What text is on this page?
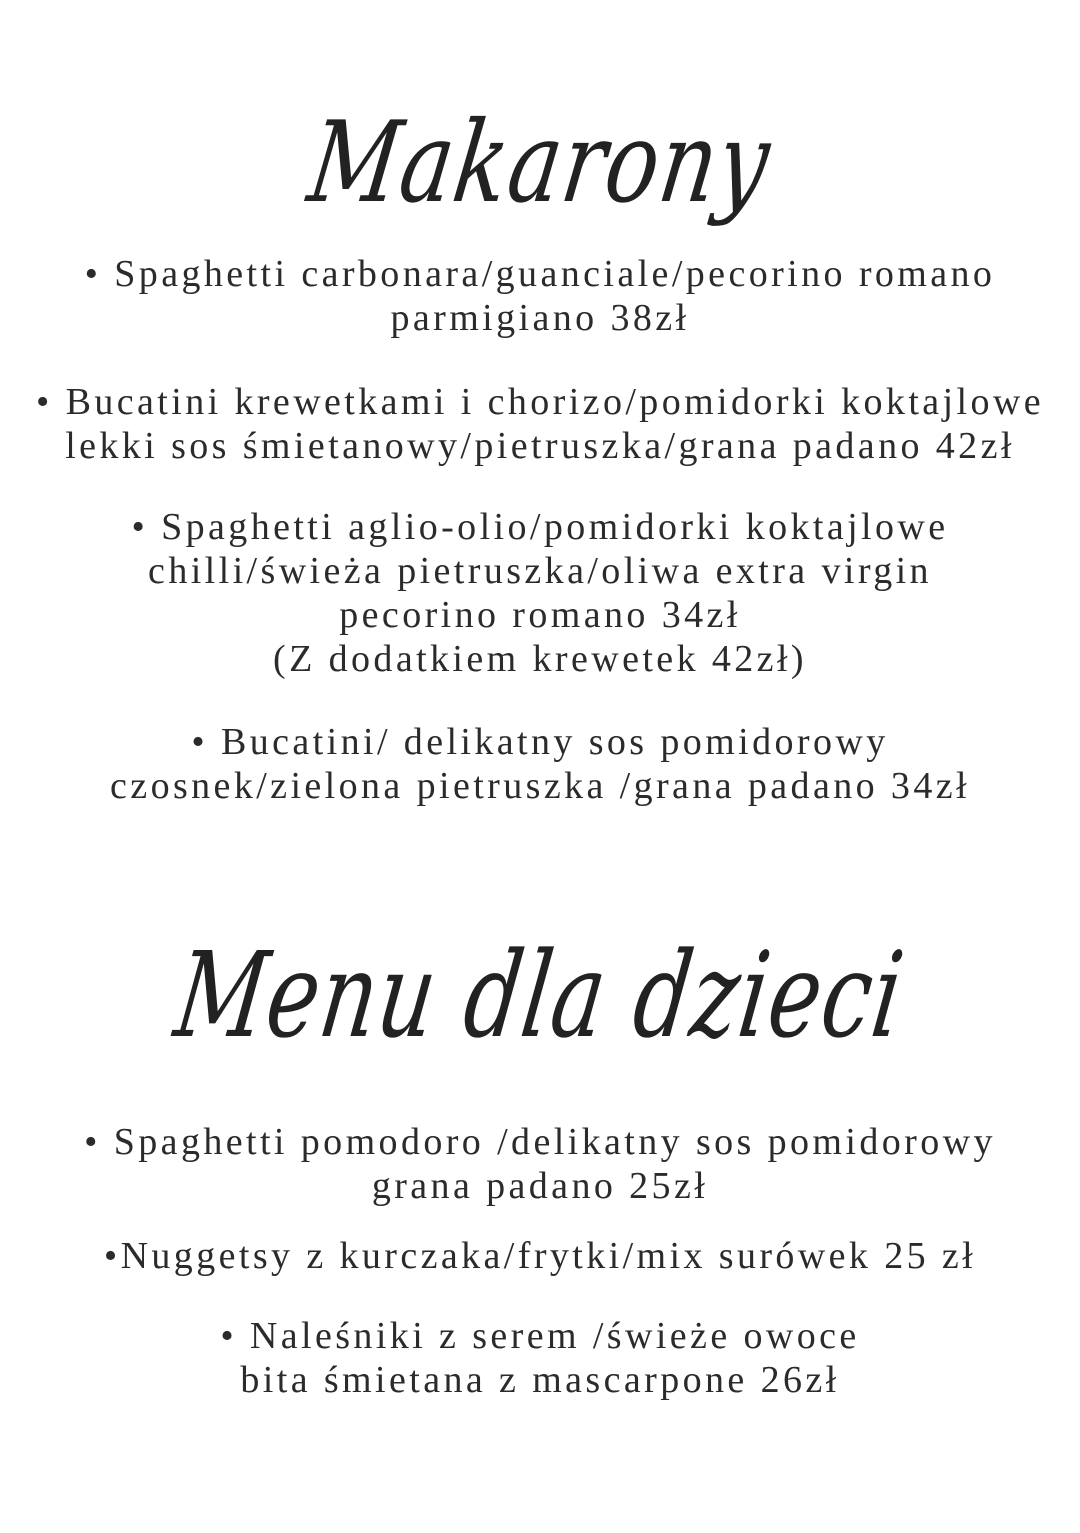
Makarony
• Spaghetti carbonara/guanciale/pecorino romano
parmigiano 38zł
• Bucatini krewetkami i chorizo/pomidorki koktajlowe
lekki sos śmietanowy/pietruszka/grana padano 42zł
• Spaghetti aglio-olio/pomidorki koktajlowe
chilli/świeża pietruszka/oliwa extra virgin
pecorino romano 34zł
(Z dodatkiem krewetek 42zł)
• Bucatini/ delikatny sos pomidorowy
czosnek/zielona pietruszka /grana padano 34zł
Menu dla dzieci
• Spaghetti pomodoro /delikatny sos pomidorowy
grana padano 25zł
•Nuggetsy z kurczaka/frytki/mix surówek 25 zł
• Naleśniki z serem /świeże owoce
bita śmietana z mascarpone 26zł
